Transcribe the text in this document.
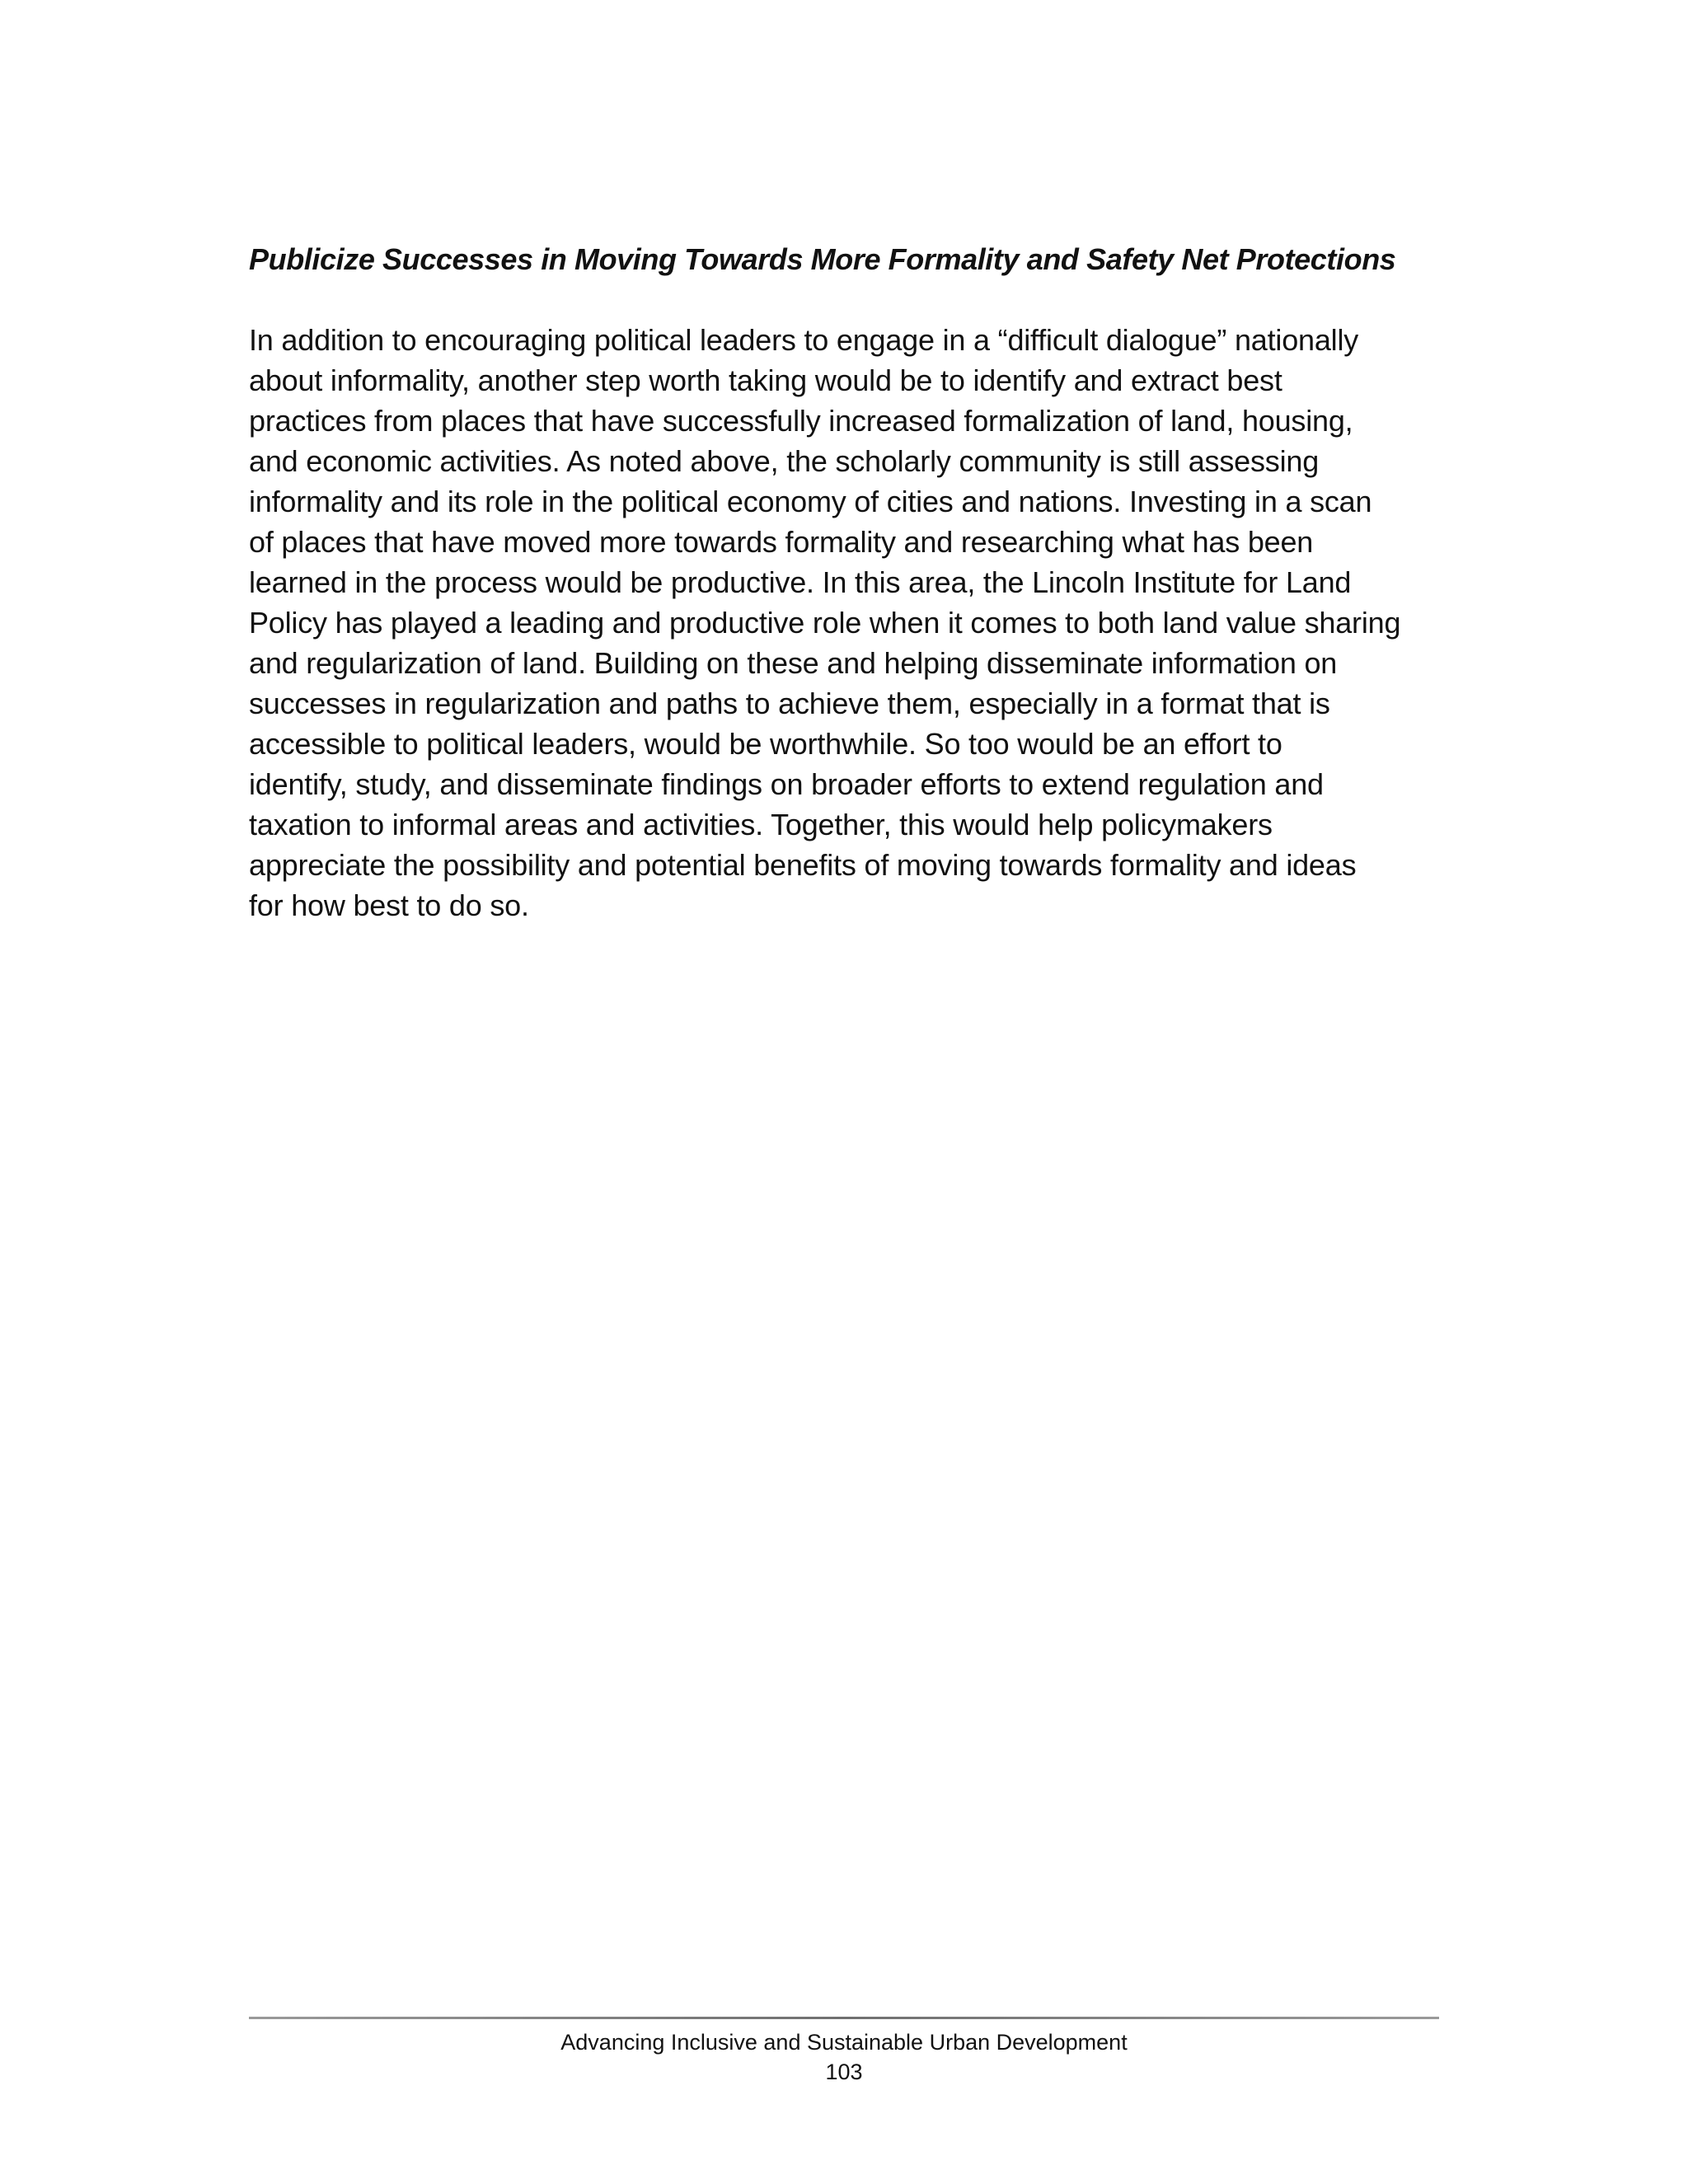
Publicize Successes in Moving Towards More Formality and Safety Net Protections

In addition to encouraging political leaders to engage in a “difficult dialogue” nationally
about informality, another step worth taking would be to identify and extract best
practices from places that have successfully increased formalization of land, housing,
and economic activities. As noted above, the scholarly community is still assessing
informality and its role in the political economy of cities and nations. Investing in a scan
of places that have moved more towards formality and researching what has been
learned in the process would be productive. In this area, the Lincoln Institute for Land
Policy has played a leading and productive role when it comes to both land value sharing
and regularization of land. Building on these and helping disseminate information on
successes in regularization and paths to achieve them, especially in a format that is
accessible to political leaders, would be worthwhile. So too would be an effort to
identify, study, and disseminate findings on broader efforts to extend regulation and
taxation to informal areas and activities. Together, this would help policymakers
appreciate the possibility and potential benefits of moving towards formality and ideas
for how best to do so.

Advancing Inclusive and Sustainable Urban Development
103
